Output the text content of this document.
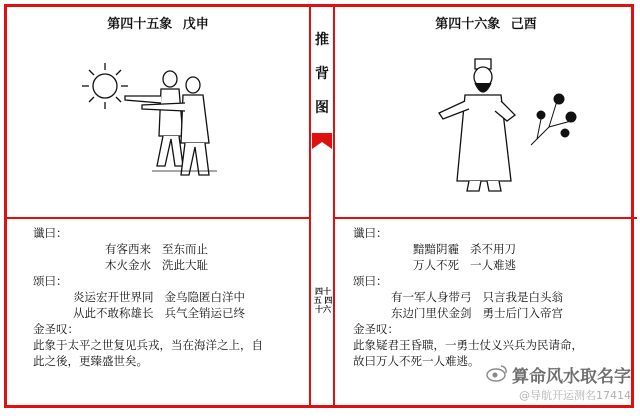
第四十五象 戊申
谶曰：
有客西来 至东而止
木火金水 洗此大耻
颂曰：
炎运宏开世界同 金乌隐匿白洋中
从此不敢称雄长 兵气全销运已终
金圣叹：
此象于太平之世复见兵戎，当在海洋之上，自
此之後，更臻盛世矣。
推
背
图
四十五 四十六
第四十六象 己酉
谶曰：
黯黯阴霾 杀不用刀
万人不死 一人难逃
颂曰：
有一军人身带弓 只言我是白头翁
东边门里伏金剑 勇士后门入帝宫
金圣叹：
此象疑君王昏聩，一勇士仗义兴兵为民请命，
故曰万人不死一人难逃。
算命风水取名字
@导航开运测名17414
